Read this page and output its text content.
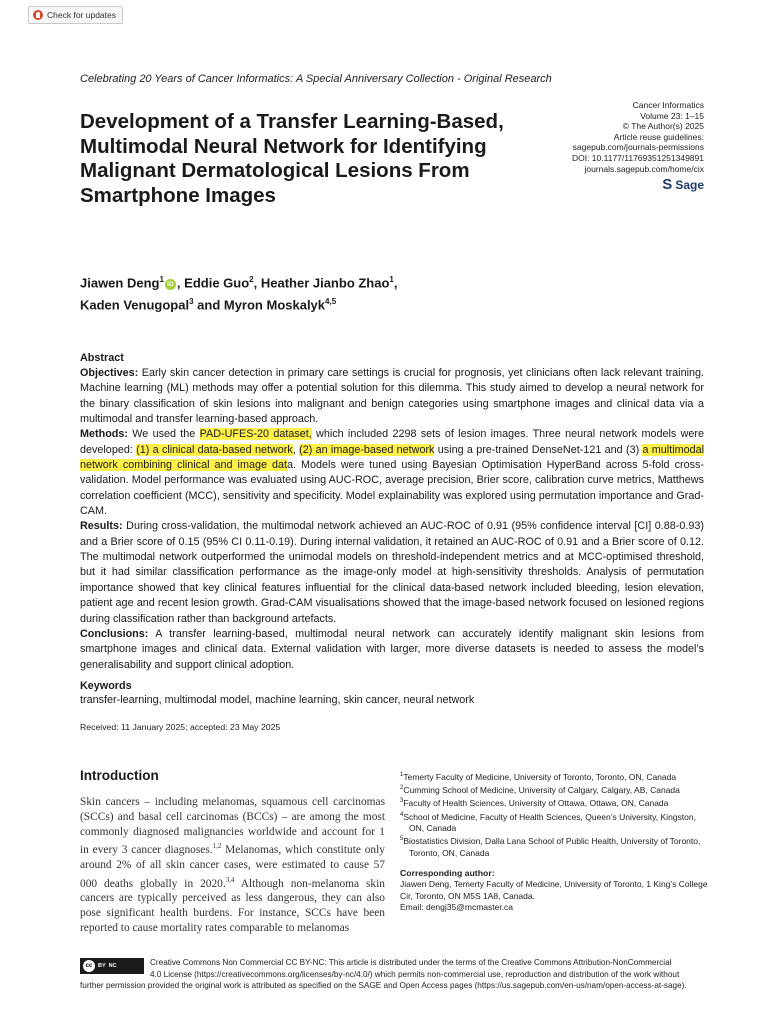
Check for updates
Celebrating 20 Years of Cancer Informatics: A Special Anniversary Collection - Original Research
Development of a Transfer Learning-Based, Multimodal Neural Network for Identifying Malignant Dermatological Lesions From Smartphone Images
Cancer Informatics
Volume 23: 1–15
© The Author(s) 2025
Article reuse guidelines:
sagepub.com/journals-permissions
DOI: 10.1177/11769351251349891
journals.sagepub.com/home/cix
S Sage
Jiawen Deng$^1$iD , Eddie Guo$^2$, Heather Jianbo Zhao$^1$,
Kaden Venugopal$^3$ and Myron Moskalyk$^{4,5}$
Abstract

Objectives: Early skin cancer detection in primary care settings is crucial for prognosis, yet clinicians often lack relevant training. Machine learning (ML) methods may offer a potential solution for this dilemma. This study aimed to develop a neural network for the binary classification of skin lesions into malignant and benign categories using smartphone images and clinical data via a multimodal and transfer learning-based approach.

Methods: We used the PAD-UFES-20 dataset, which included 2298 sets of lesion images. Three neural network models were developed: (1) a clinical data-based network, (2) an image-based network using a pre-trained DenseNet-121 and (3) a multimodal network combining clinical and image data. Models were tuned using Bayesian Optimisation HyperBand across 5-fold cross-validation. Model performance was evaluated using AUC-ROC, average precision, Brier score, calibration curve metrics, Matthews correlation coefficient (MCC), sensitivity and specificity. Model explainability was explored using permutation importance and Grad-CAM.

Results: During cross-validation, the multimodal network achieved an AUC-ROC of 0.91 (95% confidence interval [CI] 0.88-0.93) and a Brier score of 0.15 (95% CI 0.11-0.19). During internal validation, it retained an AUC-ROC of 0.91 and a Brier score of 0.12. The multimodal network outperformed the unimodal models on threshold-independent metrics and at MCC-optimised threshold, but it had similar classification performance as the image-only model at high-sensitivity thresholds. Analysis of permutation importance showed that key clinical features influential for the clinical data-based network included bleeding, lesion elevation, patient age and recent lesion growth. Grad-CAM visualisations showed that the image-based network focused on lesioned regions during classification rather than background artefacts.

Conclusions: A transfer learning-based, multimodal neural network can accurately identify malignant skin lesions from smartphone images and clinical data. External validation with larger, more diverse datasets is needed to assess the model’s generalisability and support clinical adoption.

Keywords
transfer-learning, multimodal model, machine learning, skin cancer, neural network
Received: 11 January 2025; accepted: 23 May 2025
Introduction

Skin cancers – including melanomas, squamous cell carcinomas (SCCs) and basal cell carcinomas (BCCs) – are among the most commonly diagnosed malignancies worldwide and account for 1 in every 3 cancer diagnoses.$^{1,2}$ Melanomas, which constitute only around 2% of all skin cancer cases, were estimated to cause 57 000 deaths globally in 2020.$^{3,4}$ Although non-melanoma skin cancers are typically perceived as less dangerous, they can also pose significant health burdens. For instance, SCCs have been reported to cause mortality rates comparable to melanomas

$^1$Temerty Faculty of Medicine, University of Toronto, Toronto, ON, Canada
$^2$Cumming School of Medicine, University of Calgary, Calgary, AB, Canada
$^3$Faculty of Health Sciences, University of Ottawa, Ottawa, ON, Canada
$^4$School of Medicine, Faculty of Health Sciences, Queen’s University, Kingston, ON, Canada
$^5$Biostatistics Division, Dalla Lana School of Public Health, University of Toronto, Toronto, ON, Canada
Corresponding author:
Jiawen Deng, Temerty Faculty of Medicine, University of Toronto, 1 King’s College Cir, Toronto, ON M5S 1A8, Canada.
Email: dengj35@mcmaster.ca
cc	BY NC	Creative Commons Non Commercial CC BY-NC: This article is distributed under the terms of the Creative Commons Attribution-NonCommercial
4.0 License (https://creativecommons.org/licenses/by-nc/4.0/) which permits non-commercial use, reproduction and distribution of the work without
further permission provided the original work is attributed as specified on the SAGE and Open Access pages (https://us.sagepub.com/en-us/nam/open-access-at-sage).
